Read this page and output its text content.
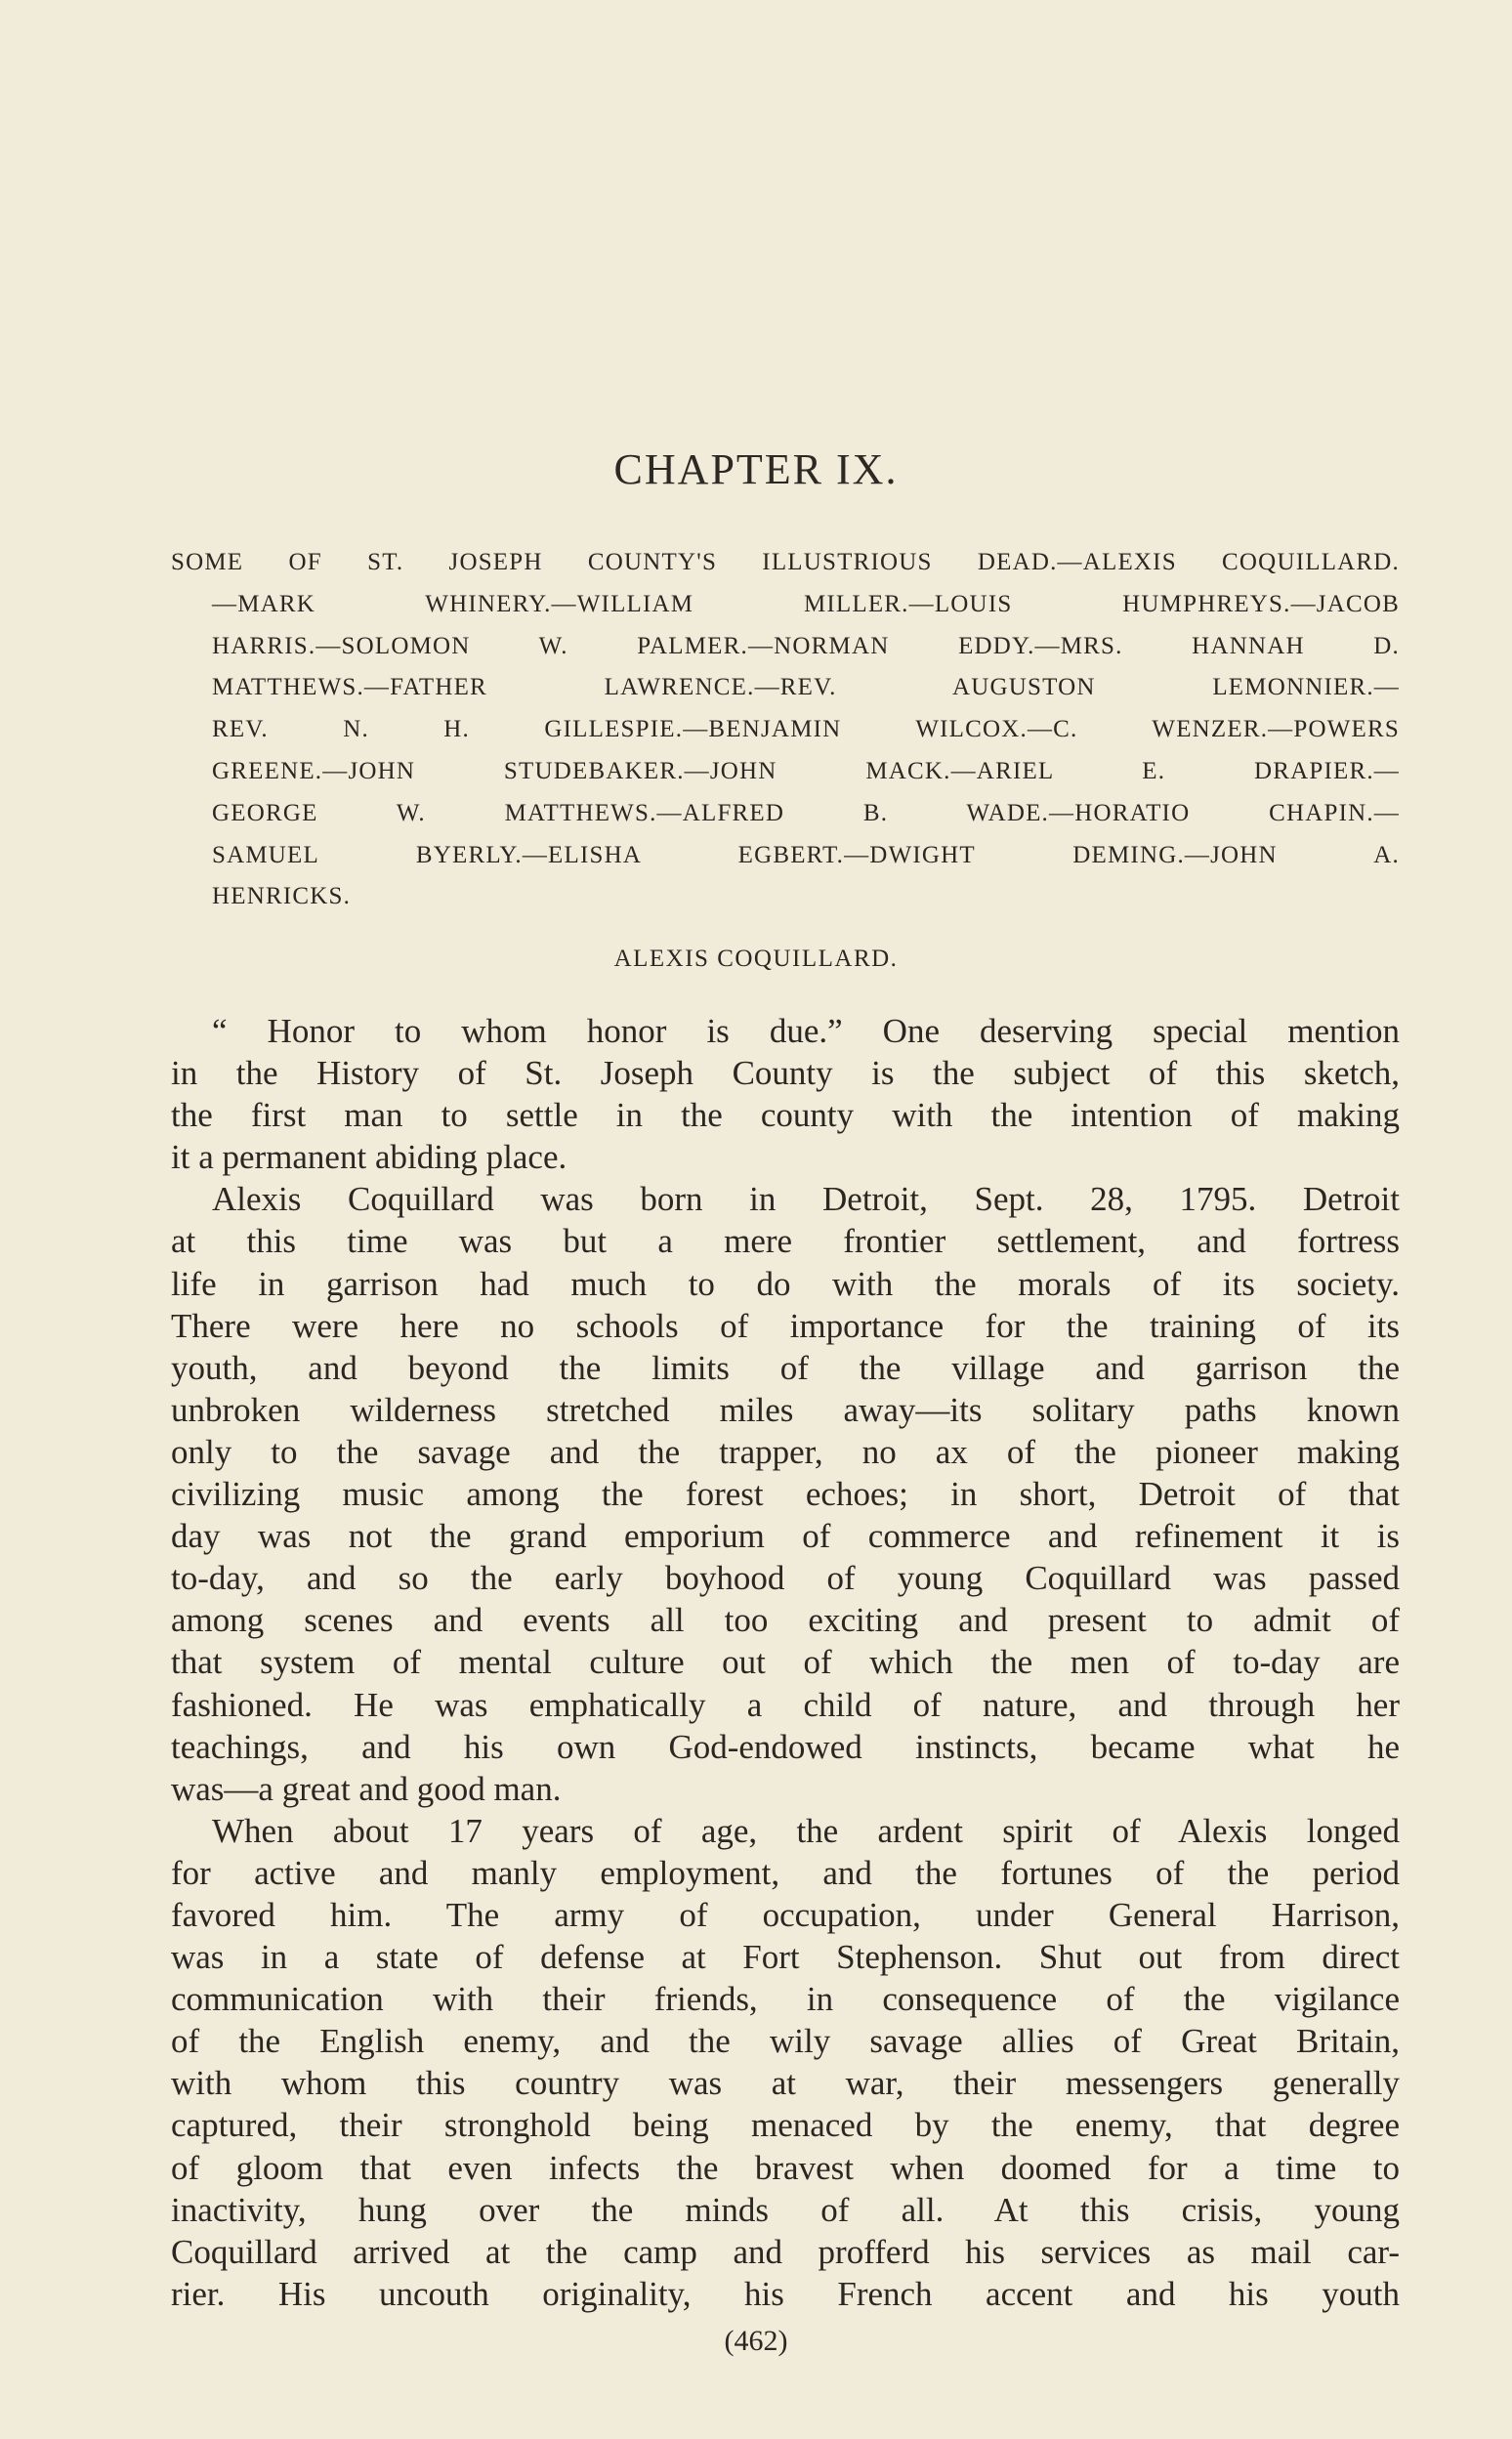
CHAPTER IX.
SOME OF ST. JOSEPH COUNTY'S ILLUSTRIOUS DEAD.—ALEXIS COQUILLARD.
—MARK WHINERY.—WILLIAM MILLER.—LOUIS HUMPHREYS.—JACOB
HARRIS.—SOLOMON W. PALMER.—NORMAN EDDY.—MRS. HANNAH D.
MATTHEWS.—FATHER LAWRENCE.—REV. AUGUSTON LEMONNIER.—
REV. N. H. GILLESPIE.—BENJAMIN WILCOX.—C. WENZER.—POWERS
GREENE.—JOHN STUDEBAKER.—JOHN MACK.—ARIEL E. DRAPIER.—
GEORGE W. MATTHEWS.—ALFRED B. WADE.—HORATIO CHAPIN.—
SAMUEL BYERLY.—ELISHA EGBERT.—DWIGHT DEMING.—JOHN A.
HENRICKS.
ALEXIS COQUILLARD.
“ Honor to whom honor is due.” One deserving special mention
in the History of St. Joseph County is the subject of this sketch,
the first man to settle in the county with the intention of making
it a permanent abiding place.
Alexis Coquillard was born in Detroit, Sept. 28, 1795. Detroit
at this time was but a mere frontier settlement, and fortress
life in garrison had much to do with the morals of its society.
There were here no schools of importance for the training of its
youth, and beyond the limits of the village and garrison the
unbroken wilderness stretched miles away—its solitary paths known
only to the savage and the trapper, no ax of the pioneer making
civilizing music among the forest echoes; in short, Detroit of that
day was not the grand emporium of commerce and refinement it is
to-day, and so the early boyhood of young Coquillard was passed
among scenes and events all too exciting and present to admit of
that system of mental culture out of which the men of to-day are
fashioned. He was emphatically a child of nature, and through her
teachings, and his own God-endowed instincts, became what he
was—a great and good man.
When about 17 years of age, the ardent spirit of Alexis longed
for active and manly employment, and the fortunes of the period
favored him. The army of occupation, under General Harrison,
was in a state of defense at Fort Stephenson. Shut out from direct
communication with their friends, in consequence of the vigilance
of the English enemy, and the wily savage allies of Great Britain,
with whom this country was at war, their messengers generally
captured, their stronghold being menaced by the enemy, that degree
of gloom that even infects the bravest when doomed for a time to
inactivity, hung over the minds of all. At this crisis, young
Coquillard arrived at the camp and profferd his services as mail car-
rier. His uncouth originality, his French accent and his youth
(462)
